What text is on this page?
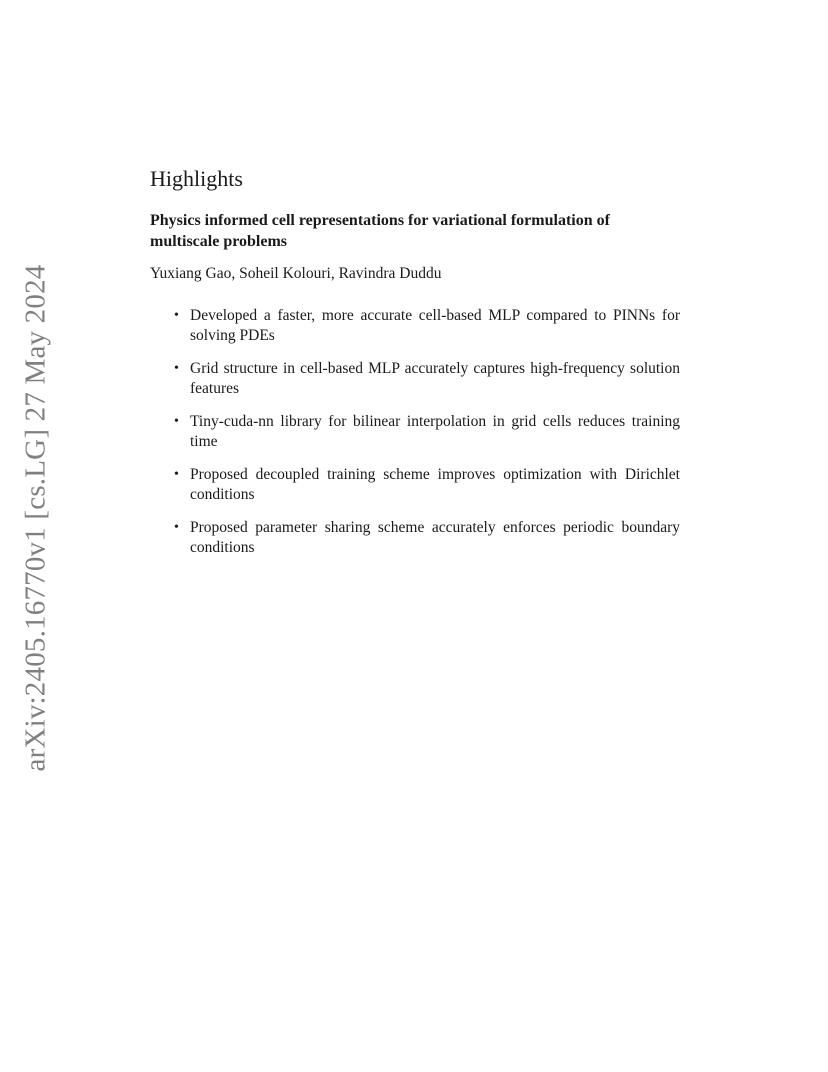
arXiv:2405.16770v1 [cs.LG] 27 May 2024
Highlights
Physics informed cell representations for variational formulation of multiscale problems
Yuxiang Gao, Soheil Kolouri, Ravindra Duddu
• Developed a faster, more accurate cell-based MLP compared to PINNs for solving PDEs
• Grid structure in cell-based MLP accurately captures high-frequency solution features
• Tiny-cuda-nn library for bilinear interpolation in grid cells reduces training time
• Proposed decoupled training scheme improves optimization with Dirichlet conditions
• Proposed parameter sharing scheme accurately enforces periodic boundary conditions
